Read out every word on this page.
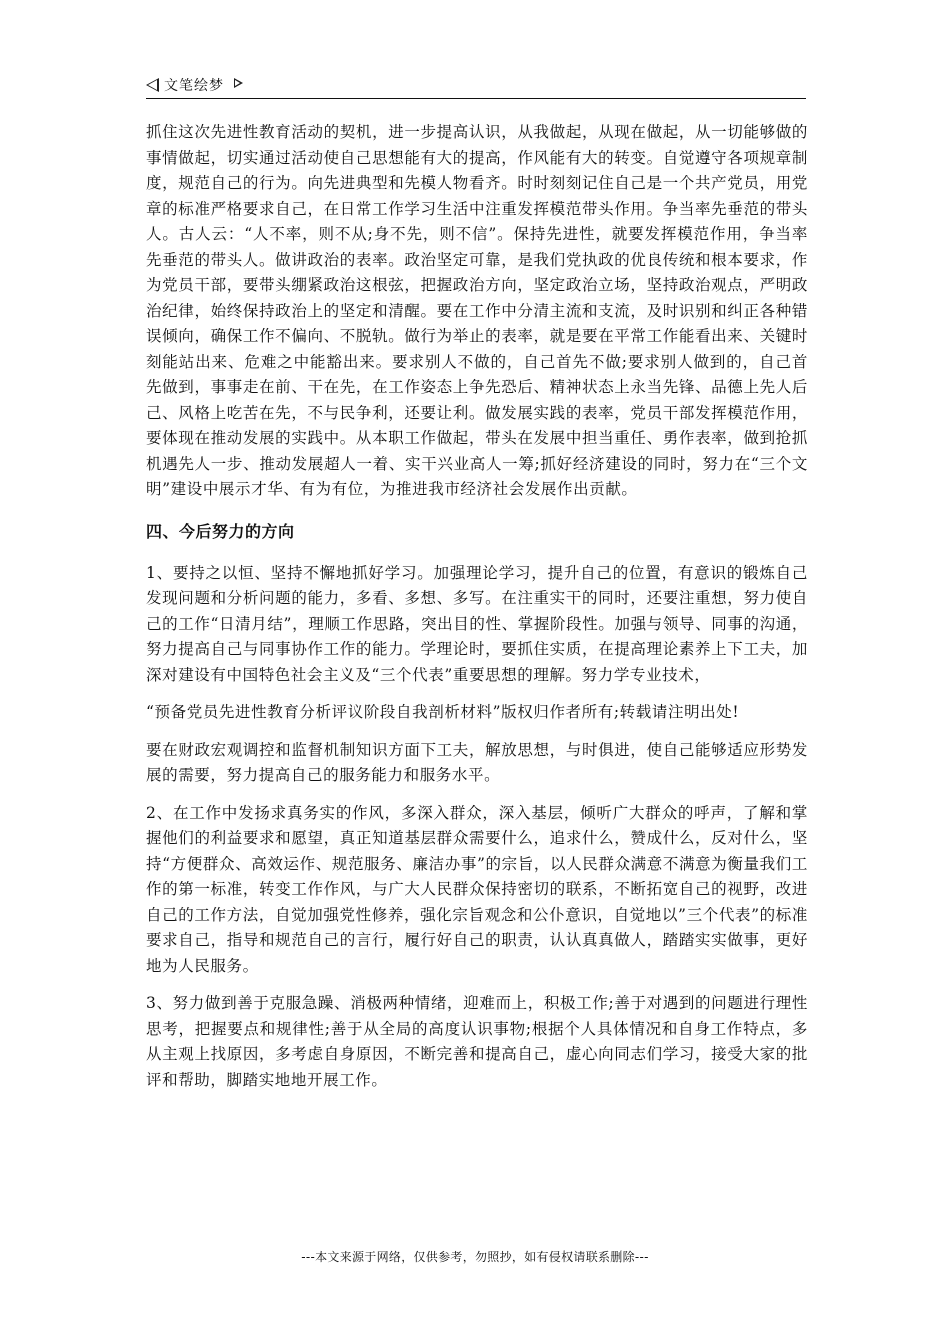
文笔绘梦

抓住这次先进性教育活动的契机，进一步提高认识，从我做起，从现在做起，从一切能够做的事情做起，切实通过活动使自己思想能有大的提高，作风能有大的转变。自觉遵守各项规章制度，规范自己的行为。向先进典型和先模人物看齐。时时刻刻记住自己是一个共产党员，用党章的标准严格要求自己，在日常工作学习生活中注重发挥模范带头作用。争当率先垂范的带头人。古人云：“人不率，则不从;身不先，则不信”。保持先进性，就要发挥模范作用，争当率先垂范的带头人。做讲政治的表率。政治坚定可靠，是我们党执政的优良传统和根本要求，作为党员干部，要带头绷紧政治这根弦，把握政治方向，坚定政治立场，坚持政治观点，严明政治纪律，始终保持政治上的坚定和清醒。要在工作中分清主流和支流，及时识别和纠正各种错误倾向，确保工作不偏向、不脱轨。做行为举止的表率，就是要在平常工作能看出来、关键时刻能站出来、危难之中能豁出来。要求别人不做的，自己首先不做;要求别人做到的，自己首先做到，事事走在前、干在先，在工作姿态上争先恐后、精神状态上永当先锋、品德上先人后己、风格上吃苦在先，不与民争利，还要让利。做发展实践的表率，党员干部发挥模范作用，要体现在推动发展的实践中。从本职工作做起，带头在发展中担当重任、勇作表率，做到抢抓机遇先人一步、推动发展超人一着、实干兴业高人一筹;抓好经济建设的同时，努力在“三个文明”建设中展示才华、有为有位，为推进我市经济社会发展作出贡献。

四、今后努力的方向

1、要持之以恒、坚持不懈地抓好学习。加强理论学习，提升自己的位置，有意识的锻炼自己发现问题和分析问题的能力，多看、多想、多写。在注重实干的同时，还要注重想，努力使自己的工作“日清月结”，理顺工作思路，突出目的性、掌握阶段性。加强与领导、同事的沟通，努力提高自己与同事协作工作的能力。学理论时，要抓住实质，在提高理论素养上下工夫，加深对建设有中国特色社会主义及“三个代表”重要思想的理解。努力学专业技术，

“预备党员先进性教育分析评议阶段自我剖析材料”版权归作者所有;转载请注明出处!

要在财政宏观调控和监督机制知识方面下工夫，解放思想，与时俱进，使自己能够适应形势发展的需要，努力提高自己的服务能力和服务水平。

2、在工作中发扬求真务实的作风，多深入群众，深入基层，倾听广大群众的呼声，了解和掌握他们的利益要求和愿望，真正知道基层群众需要什么，追求什么，赞成什么，反对什么，坚持“方便群众、高效运作、规范服务、廉洁办事”的宗旨，以人民群众满意不满意为衡量我们工作的第一标准，转变工作作风，与广大人民群众保持密切的联系，不断拓宽自己的视野，改进自己的工作方法，自觉加强党性修养，强化宗旨观念和公仆意识，自觉地以”三个代表”的标准要求自己，指导和规范自己的言行，履行好自己的职责，认认真真做人，踏踏实实做事，更好地为人民服务。

3、努力做到善于克服急躁、消极两种情绪，迎难而上，积极工作;善于对遇到的问题进行理性思考，把握要点和规律性;善于从全局的高度认识事物;根据个人具体情况和自身工作特点，多从主观上找原因，多考虑自身原因，不断完善和提高自己，虚心向同志们学习，接受大家的批评和帮助，脚踏实地地开展工作。

---本文来源于网络，仅供参考，勿照抄，如有侵权请联系删除---
